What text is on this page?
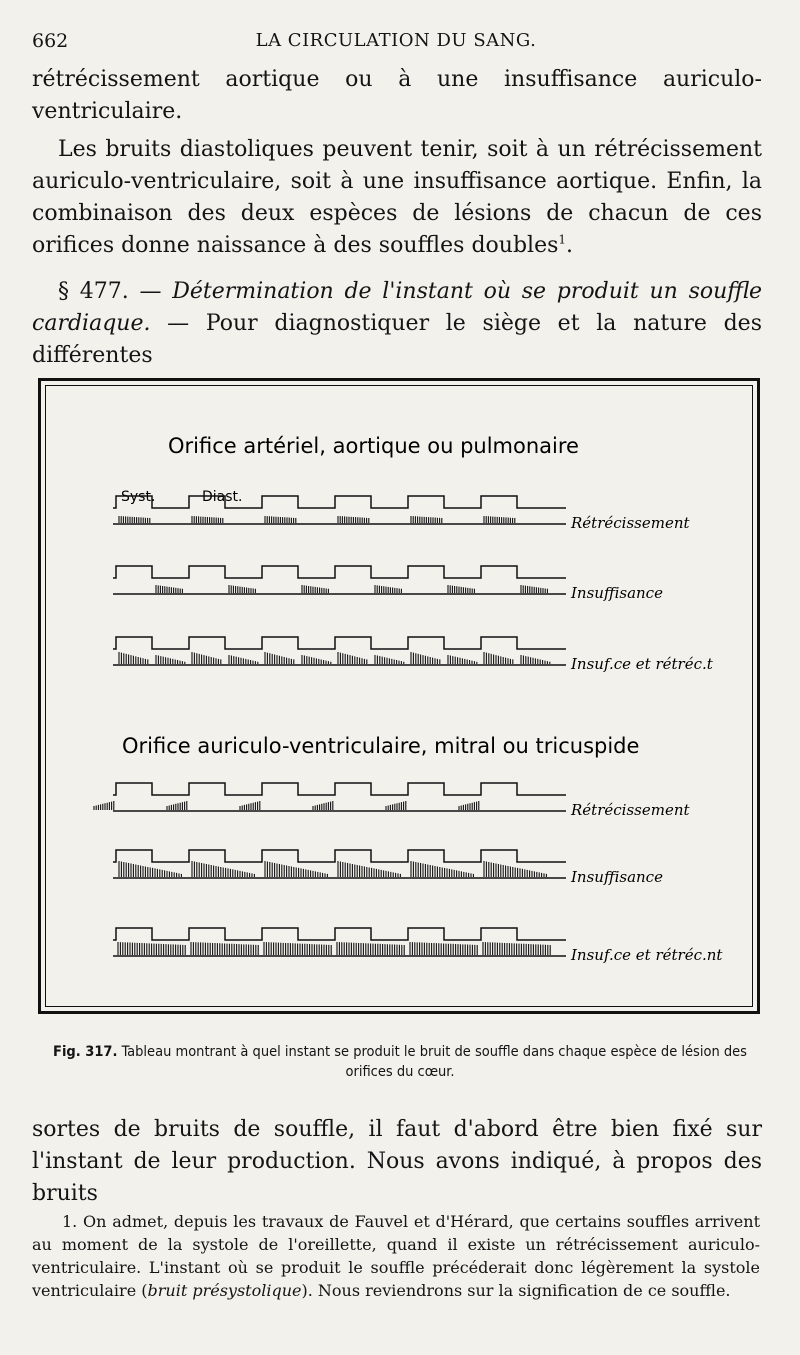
662	LA CIRCULATION DU SANG.

rétrécissement aortique ou à une insuffisance auriculo-ventriculaire.

Les bruits diastoliques peuvent tenir, soit à un rétrécissement auriculo-ventriculaire, soit à une insuffisance aortique. Enfin, la combinaison des deux espèces de lésions de chacun de ces orifices donne naissance à des souffles doubles$^1$.

§ 477. — Détermination de l'instant où se produit un souffle cardiaque. — Pour diagnostiquer le siège et la nature des différentes

Orifice artériel, aortique ou pulmonaire
Syst.	Diast.
Orifice auriculo-ventriculaire, mitral ou tricuspide
Rétrécissement
Insuffisance
Insuf.ce et rétréc.t
Rétrécissement
Insuffisance
Insuf.ce et rétréc.nt
Fig. 317. Tableau montrant à quel instant se produit le bruit de souffle dans chaque espèce de lésion des orifices du cœur.

sortes de bruits de souffle, il faut d'abord être bien fixé sur l'instant de leur production. Nous avons indiqué, à propos des bruits

1. On admet, depuis les travaux de Fauvel et d'Hérard, que certains souffles arrivent au moment de la systole de l'oreillette, quand il existe un rétrécissement auriculo-ventriculaire. L'instant où se produit le souffle précéderait donc légèrement la systole ventriculaire (bruit présystolique). Nous reviendrons sur la signification de ce souffle.
